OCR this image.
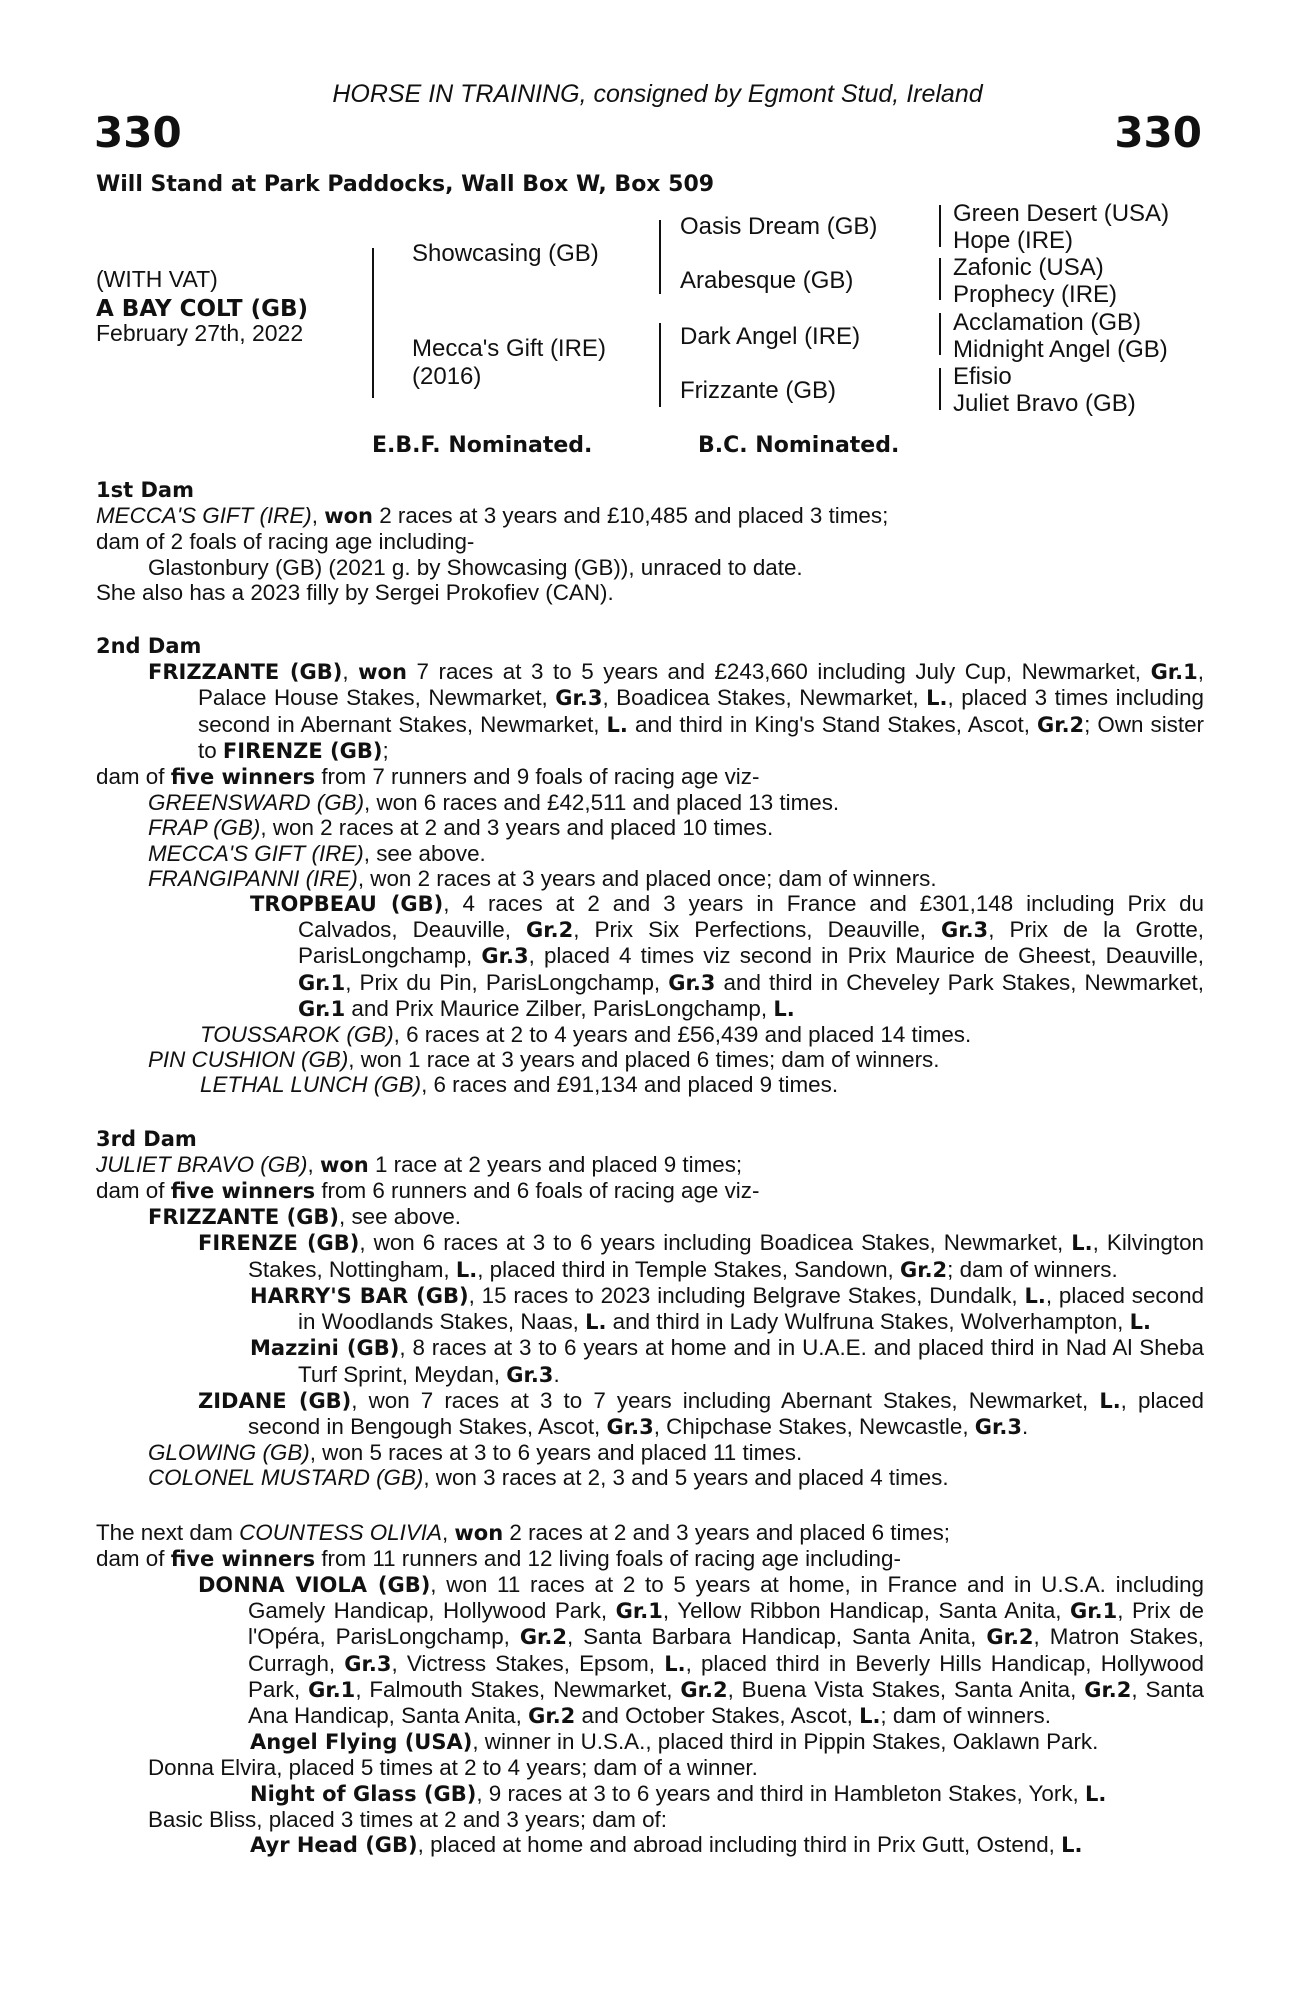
HORSE IN TRAINING, consigned by Egmont Stud, Ireland
330	330
Will Stand at Park Paddocks, Wall Box W, Box 509
(WITH VAT)
A BAY COLT (GB)
February 27th, 2022
Showcasing (GB)
Mecca's Gift (IRE)
(2016)
Oasis Dream (GB)
Arabesque (GB)
Dark Angel (IRE)
Frizzante (GB)
Green Desert (USA)
Hope (IRE)
Zafonic (USA)
Prophecy (IRE)
Acclamation (GB)
Midnight Angel (GB)
Efisio
Juliet Bravo (GB)
E.B.F. Nominated.	B.C. Nominated.
1st Dam
MECCA'S GIFT (IRE), won 2 races at 3 years and £10,485 and placed 3 times;
dam of 2 foals of racing age including-
Glastonbury (GB) (2021 g. by Showcasing (GB)), unraced to date.
She also has a 2023 filly by Sergei Prokofiev (CAN).
2nd Dam
FRIZZANTE (GB), won 7 races at 3 to 5 years and £243,660 including July Cup, Newmarket, Gr.1, Palace House Stakes, Newmarket, Gr.3, Boadicea Stakes, Newmarket, L., placed 3 times including second in Abernant Stakes, Newmarket, L. and third in King's Stand Stakes, Ascot, Gr.2; Own sister to FIRENZE (GB);
dam of five winners from 7 runners and 9 foals of racing age viz-
GREENSWARD (GB), won 6 races and £42,511 and placed 13 times.
FRAP (GB), won 2 races at 2 and 3 years and placed 10 times.
MECCA'S GIFT (IRE), see above.
FRANGIPANNI (IRE), won 2 races at 3 years and placed once; dam of winners.
TROPBEAU (GB), 4 races at 2 and 3 years in France and £301,148 including Prix du Calvados, Deauville, Gr.2, Prix Six Perfections, Deauville, Gr.3, Prix de la Grotte, ParisLongchamp, Gr.3, placed 4 times viz second in Prix Maurice de Gheest, Deauville, Gr.1, Prix du Pin, ParisLongchamp, Gr.3 and third in Cheveley Park Stakes, Newmarket, Gr.1 and Prix Maurice Zilber, ParisLongchamp, L.
TOUSSAROK (GB), 6 races at 2 to 4 years and £56,439 and placed 14 times.
PIN CUSHION (GB), won 1 race at 3 years and placed 6 times; dam of winners.
LETHAL LUNCH (GB), 6 races and £91,134 and placed 9 times.
3rd Dam
JULIET BRAVO (GB), won 1 race at 2 years and placed 9 times;
dam of five winners from 6 runners and 6 foals of racing age viz-
FRIZZANTE (GB), see above.
FIRENZE (GB), won 6 races at 3 to 6 years including Boadicea Stakes, Newmarket, L., Kilvington Stakes, Nottingham, L., placed third in Temple Stakes, Sandown, Gr.2; dam of winners.
HARRY'S BAR (GB), 15 races to 2023 including Belgrave Stakes, Dundalk, L., placed second in Woodlands Stakes, Naas, L. and third in Lady Wulfruna Stakes, Wolverhampton, L.
Mazzini (GB), 8 races at 3 to 6 years at home and in U.A.E. and placed third in Nad Al Sheba Turf Sprint, Meydan, Gr.3.
ZIDANE (GB), won 7 races at 3 to 7 years including Abernant Stakes, Newmarket, L., placed second in Bengough Stakes, Ascot, Gr.3, Chipchase Stakes, Newcastle, Gr.3.
GLOWING (GB), won 5 races at 3 to 6 years and placed 11 times.
COLONEL MUSTARD (GB), won 3 races at 2, 3 and 5 years and placed 4 times.
The next dam COUNTESS OLIVIA, won 2 races at 2 and 3 years and placed 6 times;
dam of five winners from 11 runners and 12 living foals of racing age including-
DONNA VIOLA (GB), won 11 races at 2 to 5 years at home, in France and in U.S.A. including Gamely Handicap, Hollywood Park, Gr.1, Yellow Ribbon Handicap, Santa Anita, Gr.1, Prix de l'Opéra, ParisLongchamp, Gr.2, Santa Barbara Handicap, Santa Anita, Gr.2, Matron Stakes, Curragh, Gr.3, Victress Stakes, Epsom, L., placed third in Beverly Hills Handicap, Hollywood Park, Gr.1, Falmouth Stakes, Newmarket, Gr.2, Buena Vista Stakes, Santa Anita, Gr.2, Santa Ana Handicap, Santa Anita, Gr.2 and October Stakes, Ascot, L.; dam of winners.
Angel Flying (USA), winner in U.S.A., placed third in Pippin Stakes, Oaklawn Park.
Donna Elvira, placed 5 times at 2 to 4 years; dam of a winner.
Night of Glass (GB), 9 races at 3 to 6 years and third in Hambleton Stakes, York, L.
Basic Bliss, placed 3 times at 2 and 3 years; dam of:
Ayr Head (GB), placed at home and abroad including third in Prix Gutt, Ostend, L.
